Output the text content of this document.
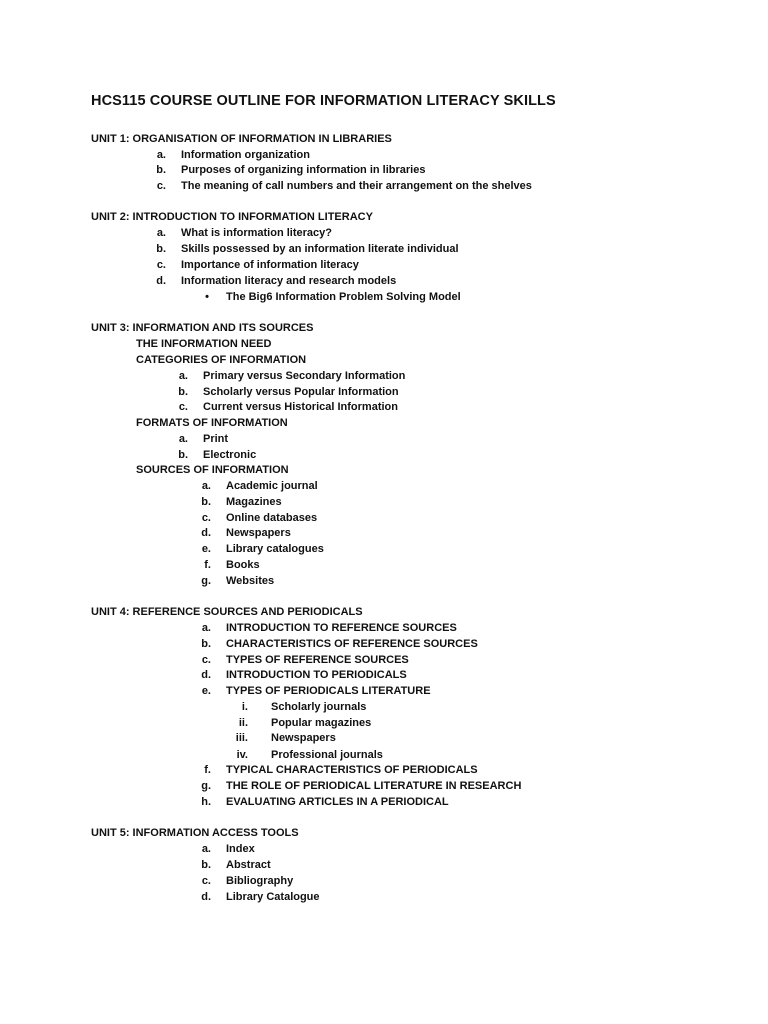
HCS115 COURSE OUTLINE FOR INFORMATION LITERACY SKILLS
UNIT 1: ORGANISATION OF INFORMATION IN LIBRARIES
a. Information organization
b. Purposes of organizing information in libraries
c. The meaning of call numbers and their arrangement on the shelves
UNIT 2: INTRODUCTION TO INFORMATION LITERACY
a. What is information literacy?
b. Skills possessed by an information literate individual
c. Importance of information literacy
d. Information literacy and research models
• The Big6 Information Problem Solving Model
UNIT 3: INFORMATION AND ITS SOURCES
THE INFORMATION NEED
CATEGORIES OF INFORMATION
a. Primary versus Secondary Information
b. Scholarly versus Popular Information
c. Current versus Historical Information
FORMATS OF INFORMATION
a. Print
b. Electronic
SOURCES OF INFORMATION
a. Academic journal
b. Magazines
c. Online databases
d. Newspapers
e. Library catalogues
f. Books
g. Websites
UNIT 4: REFERENCE SOURCES AND PERIODICALS
a. INTRODUCTION TO REFERENCE SOURCES
b. CHARACTERISTICS OF REFERENCE SOURCES
c. TYPES OF REFERENCE SOURCES
d. INTRODUCTION TO PERIODICALS
e. TYPES OF PERIODICALS LITERATURE
i. Scholarly journals
ii. Popular magazines
iii. Newspapers
iv. Professional journals
f. TYPICAL CHARACTERISTICS OF PERIODICALS
g. THE ROLE OF PERIODICAL LITERATURE IN RESEARCH
h. EVALUATING ARTICLES IN A PERIODICAL
UNIT 5: INFORMATION ACCESS TOOLS
a. Index
b. Abstract
c. Bibliography
d. Library Catalogue
